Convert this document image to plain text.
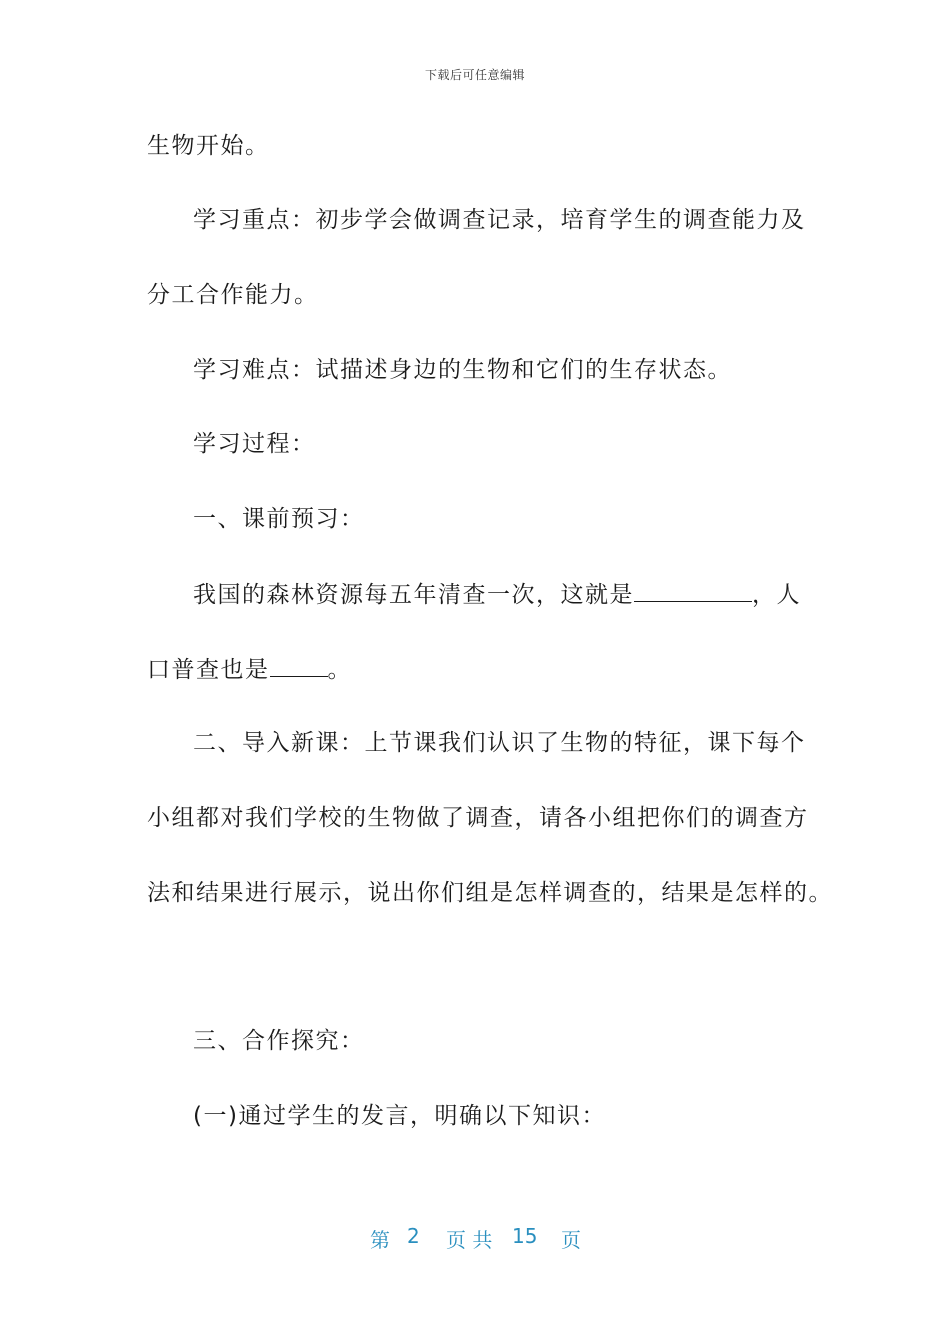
下载后可任意编辑
生物开始。
学习重点：初步学会做调查记录，培育学生的调查能力及
分工合作能力。
学习难点：试描述身边的生物和它们的生存状态。
学习过程：
一、课前预习：
我国的森林资源每五年清查一次，这就是	，人
口普查也是	。
二、导入新课：上节课我们认识了生物的特征，课下每个
小组都对我们学校的生物做了调查，请各小组把你们的调查方
法和结果进行展示，说出你们组是怎样调查的，结果是怎样的。
三、合作探究：
(一)通过学生的发言，明确以下知识：
第 2 页 共 15 页
